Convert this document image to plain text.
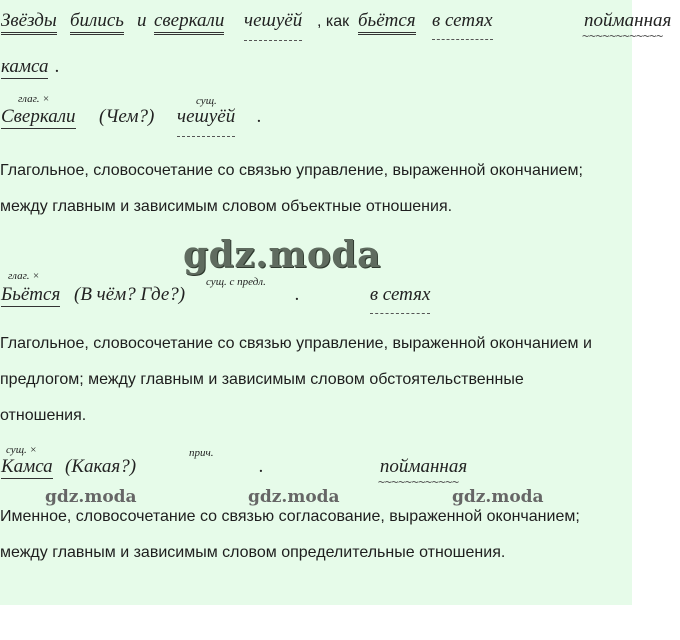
Звёзды бились и сверкали чешуёй , как бьётся в сетях	пойманная ~~~~~
камса .
глаг. ×
Сверкали (Чем?)
сущ.
чешуёй .
Глагольное, словосочетание со связью управление, выраженной окончанием; между главным и зависимым словом объектные отношения.
gdz.moda
глаг. ×
Бьётся (В чём? Где?)
сущ. с предл.
в сетях
.
Глагольное, словосочетание со связью управление, выраженной окончанием и предлогом; между главным и зависимым словом обстоятельственные отношения.
сущ. ×
Камса (Какая?)
прич.
пойманная ~~~~~
.
gdz.moda	gdz.moda	gdz.moda
Именное, словосочетание со связью согласование, выраженной окончанием; между главным и зависимым словом определительные отношения.
